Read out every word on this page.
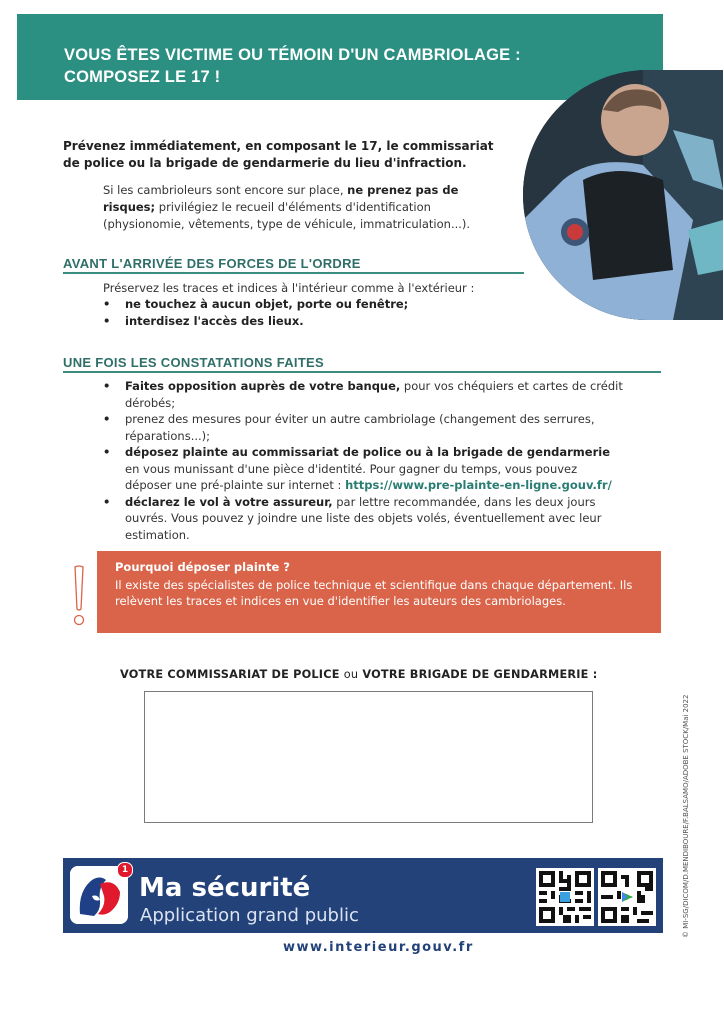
VOUS ÊTES VICTIME OU TÉMOIN D'UN CAMBRIOLAGE :
COMPOSEZ LE 17 !
Prévenez immédiatement, en composant le 17, le commissariat de police ou la brigade de gendarmerie du lieu d'infraction.
Si les cambrioleurs sont encore sur place, ne prenez pas de risques; privilégiez le recueil d'éléments d'identification (physionomie, vêtements, type de véhicule, immatriculation...).
AVANT L'ARRIVÉE DES FORCES DE L'ORDRE
Préservez les traces et indices à l'intérieur comme à l'extérieur :
• ne touchez à aucun objet, porte ou fenêtre;
• interdisez l'accès des lieux.
UNE FOIS LES CONSTATATIONS FAITES
• Faites opposition auprès de votre banque, pour vos chéquiers et cartes de crédit dérobés;
• prenez des mesures pour éviter un autre cambriolage (changement des serrures, réparations...);
• déposez plainte au commissariat de police ou à la brigade de gendarmerie en vous munissant d'une pièce d'identité. Pour gagner du temps, vous pouvez déposer une pré-plainte sur internet : https://www.pre-plainte-en-ligne.gouv.fr/
• déclarez le vol à votre assureur, par lettre recommandée, dans les deux jours ouvrés. Vous pouvez y joindre une liste des objets volés, éventuellement avec leur estimation.
Pourquoi déposer plainte ?
Il existe des spécialistes de police technique et scientifique dans chaque département. Ils relèvent les traces et indices en vue d'identifier les auteurs des cambriolages.
VOTRE COMMISSARIAT DE POLICE ou VOTRE BRIGADE DE GENDARMERIE :
1
Ma sécurité
Application grand public
www.interieur.gouv.fr
© MI-SG/DICOM/D.MENDIBOURE/F.BALSAMO/ADOBE STOCK/Mai 2022
